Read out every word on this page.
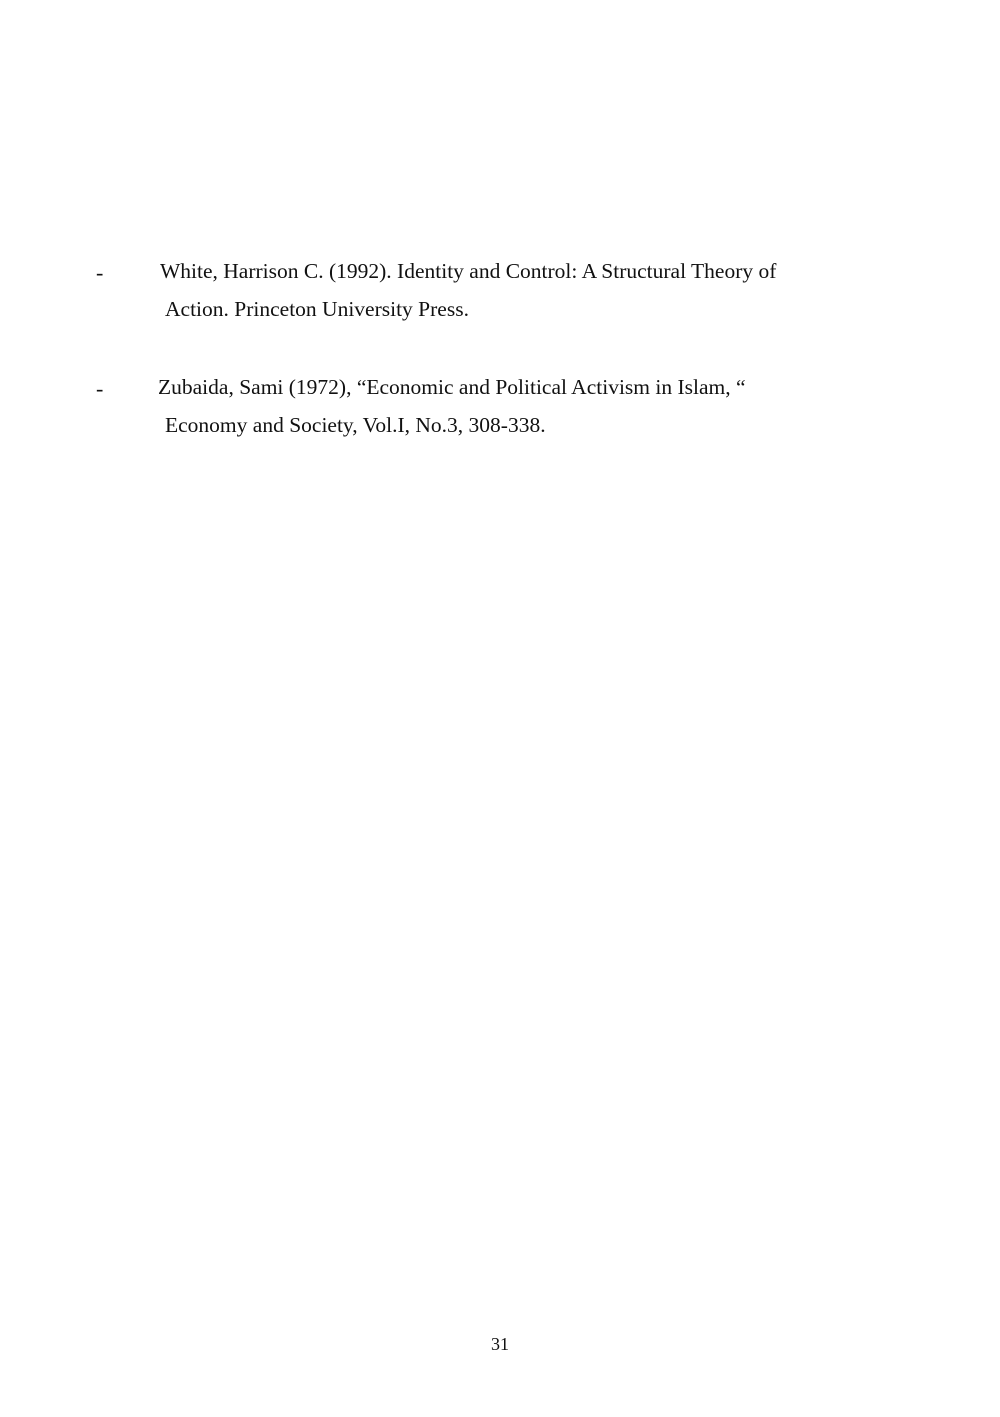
-	White, Harrison C. (1992). Identity and Control: A Structural Theory of
Action. Princeton University Press.
-	Zubaida, Sami (1972), “Economic and Political Activism in Islam, “
Economy and Society, Vol.I, No.3, 308-338.
31
